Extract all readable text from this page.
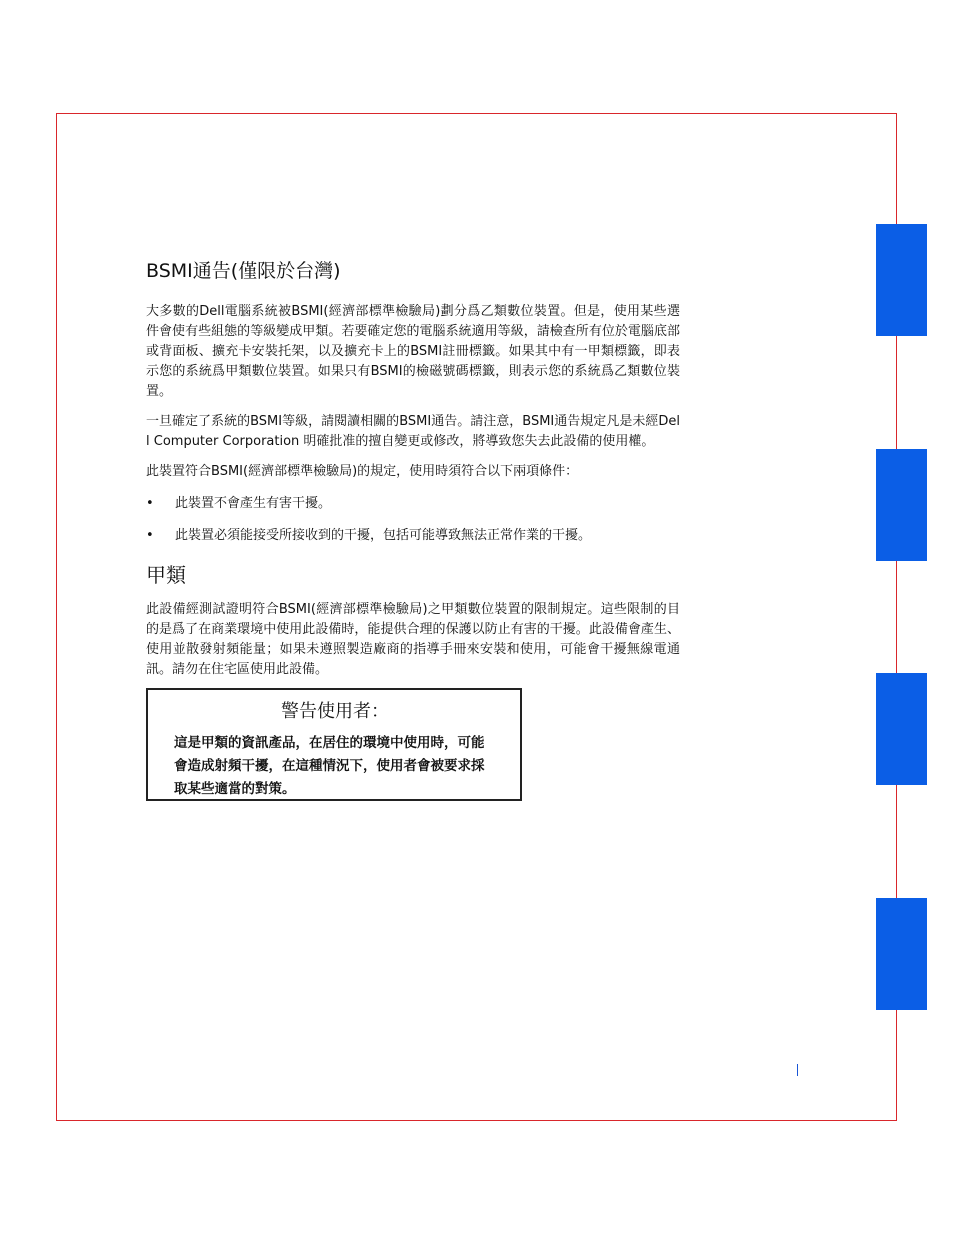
BSMI通告(僅限於台灣)

大多數的Dell電腦系統被BSMI(經濟部標準檢驗局)劃分爲乙類數位裝置。但是，使用某些選件會使有些組態的等級變成甲類。若要確定您的電腦系統適用等級，請檢查所有位於電腦底部或背面板、擴充卡安裝托架，以及擴充卡上的BSMI註冊標籤。如果其中有一甲類標籤，即表示您的系統爲甲類數位裝置。如果只有BSMI的檢磁號碼標籤，則表示您的系統爲乙類數位裝置。

一旦確定了系統的BSMI等級，請閱讀相關的BSMI通告。請注意，BSMI通告規定凡是未經Dell Computer Corporation 明確批准的擅自變更或修改，將導致您失去此設備的使用權。

此裝置符合BSMI(經濟部標準檢驗局)的規定，使用時須符合以下兩項條件：

• 此裝置不會產生有害干擾。
• 此裝置必須能接受所接收到的干擾，包括可能導致無法正常作業的干擾。
甲類

此設備經測試證明符合BSMI(經濟部標準檢驗局)之甲類數位裝置的限制規定。這些限制的目的是爲了在商業環境中使用此設備時，能提供合理的保護以防止有害的干擾。此設備會產生、使用並散發射頻能量；如果未遵照製造廠商的指導手冊來安裝和使用，可能會干擾無線電通訊。請勿在住宅區使用此設備。

警告使用者：

這是甲類的資訊產品，在居住的環境中使用時，可能會造成射頻干擾，在這種情況下，使用者會被要求採取某些適當的對策。
